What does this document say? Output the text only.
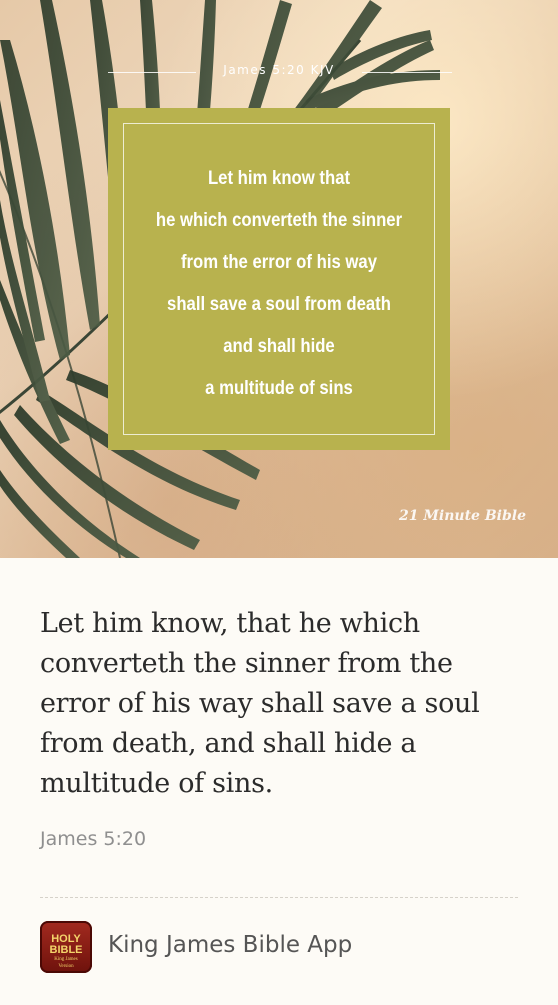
James 5:20 KJV
Let him know that
he which converteth the sinner
from the error of his way
shall save a soul from death
and shall hide
a multitude of sins
21 Minute Bible
Let him know, that he which converteth the sinner from the error of his way shall save a soul from death, and shall hide a multitude of sins.
James 5:20
HOLY
BIBLE
King James
Version
King James Bible App
